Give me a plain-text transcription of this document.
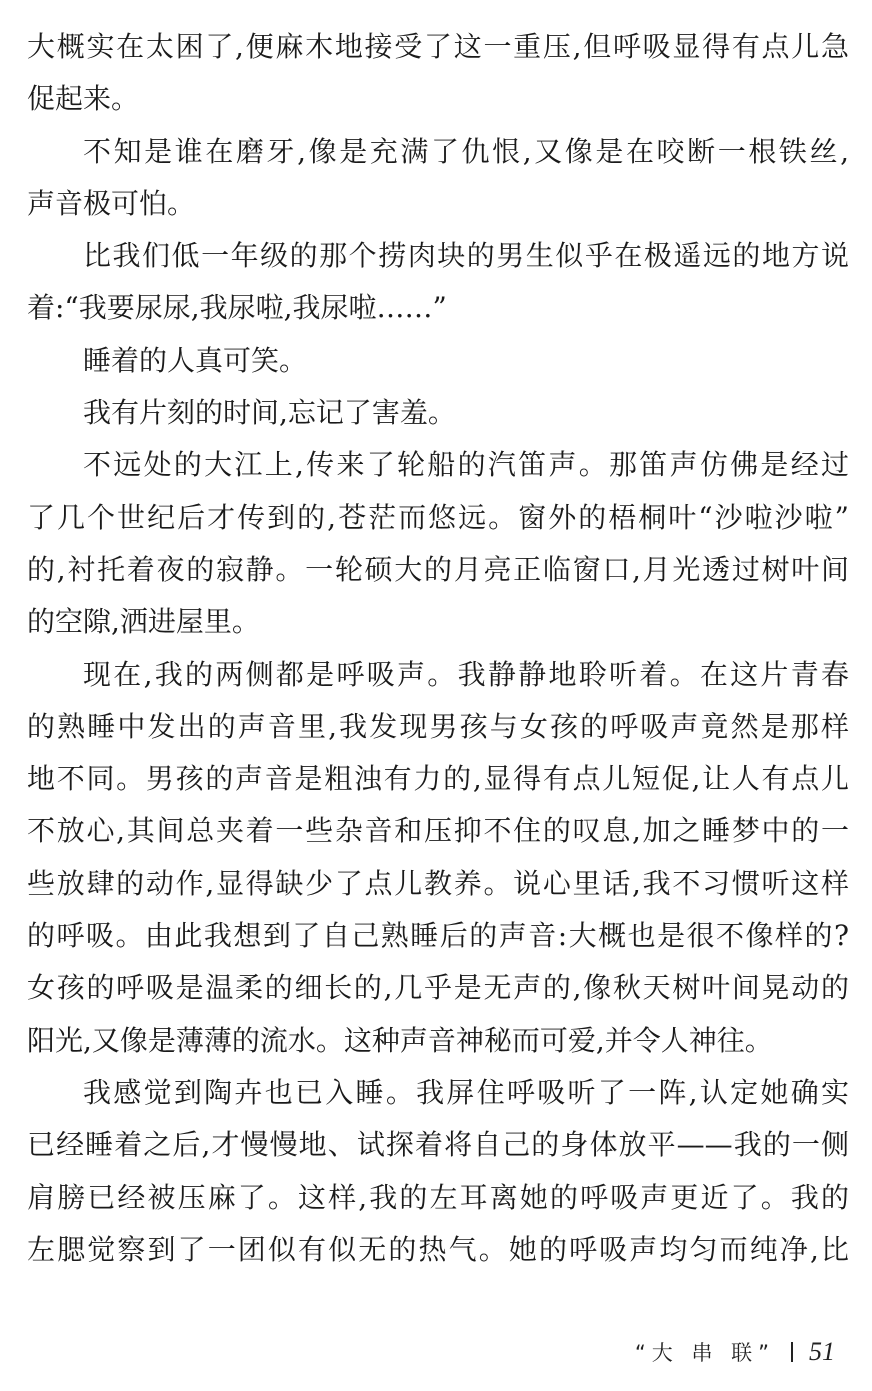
大概实在太困了,便麻木地接受了这一重压,但呼吸显得有点儿急
促起来。
不知是谁在磨牙,像是充满了仇恨,又像是在咬断一根铁丝,
声音极可怕。
比我们低一年级的那个捞肉块的男生似乎在极遥远的地方说
着:“我要尿尿,我尿啦,我尿啦……”
睡着的人真可笑。
我有片刻的时间,忘记了害羞。
不远处的大江上,传来了轮船的汽笛声。那笛声仿佛是经过
了几个世纪后才传到的,苍茫而悠远。窗外的梧桐叶“沙啦沙啦”
的,衬托着夜的寂静。一轮硕大的月亮正临窗口,月光透过树叶间
的空隙,洒进屋里。
现在,我的两侧都是呼吸声。我静静地聆听着。在这片青春
的熟睡中发出的声音里,我发现男孩与女孩的呼吸声竟然是那样
地不同。男孩的声音是粗浊有力的,显得有点儿短促,让人有点儿
不放心,其间总夹着一些杂音和压抑不住的叹息,加之睡梦中的一
些放肆的动作,显得缺少了点儿教养。说心里话,我不习惯听这样
的呼吸。由此我想到了自己熟睡后的声音:大概也是很不像样的?
女孩的呼吸是温柔的细长的,几乎是无声的,像秋天树叶间晃动的
阳光,又像是薄薄的流水。这种声音神秘而可爱,并令人神往。
我感觉到陶卉也已入睡。我屏住呼吸听了一阵,认定她确实
已经睡着之后,才慢慢地、试探着将自己的身体放平——我的一侧
肩膀已经被压麻了。这样,我的左耳离她的呼吸声更近了。我的
左腮觉察到了一团似有似无的热气。她的呼吸声均匀而纯净,比
“大 串 联” 51
